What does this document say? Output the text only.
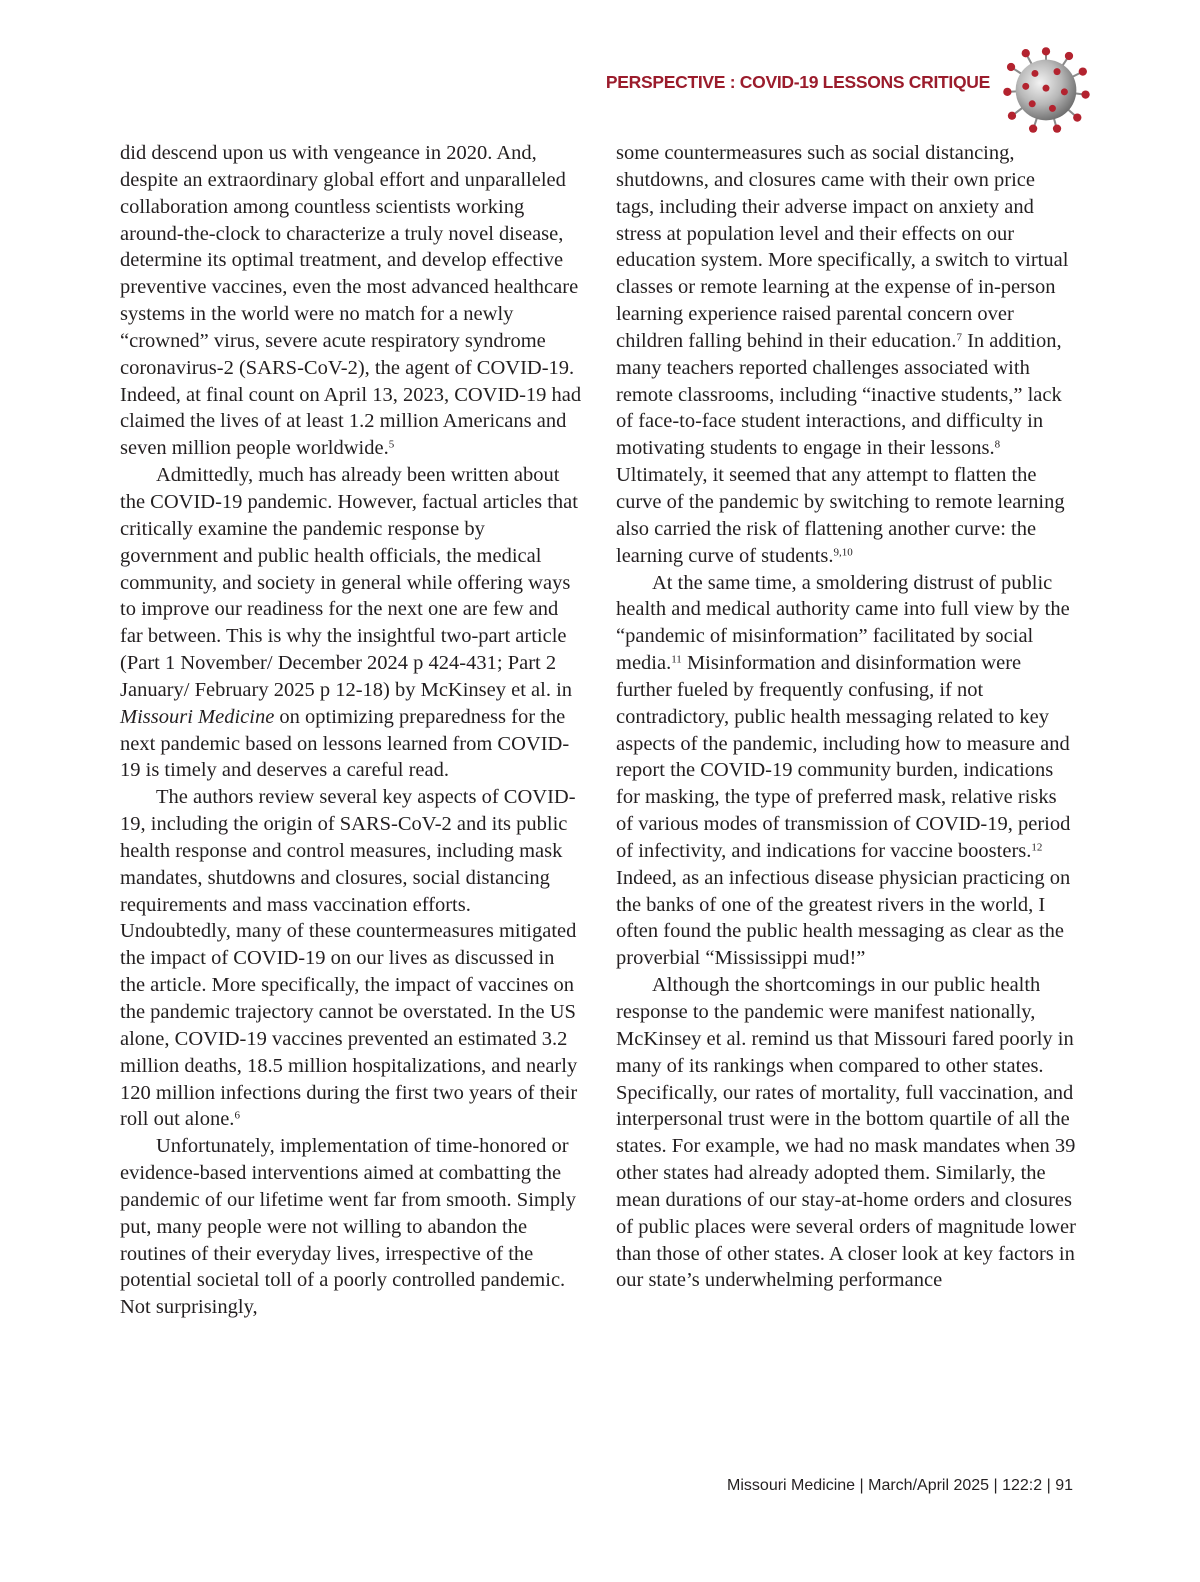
PERSPECTIVE : COVID-19 LESSONS CRITIQUE

did descend upon us with vengeance in 2020. And, despite an extraordinary global effort and unparalleled collaboration among countless scientists working around-the-clock to characterize a truly novel disease, determine its optimal treatment, and develop effective preventive vaccines, even the most advanced healthcare systems in the world were no match for a newly “crowned” virus, severe acute respiratory syndrome coronavirus-2 (SARS-CoV-2), the agent of COVID-19. Indeed, at final count on April 13, 2023, COVID-19 had claimed the lives of at least 1.2 million Americans and seven million people worldwide.$^5$

Admittedly, much has already been written about the COVID-19 pandemic. However, factual articles that critically examine the pandemic response by government and public health officials, the medical community, and society in general while offering ways to improve our readiness for the next one are few and far between. This is why the insightful two-part article (Part 1 November/ December 2024 p 424-431; Part 2 January/ February 2025 p 12-18) by McKinsey et al. in Missouri Medicine on optimizing preparedness for the next pandemic based on lessons learned from COVID-19 is timely and deserves a careful read.

The authors review several key aspects of COVID-19, including the origin of SARS-CoV-2 and its public health response and control measures, including mask mandates, shutdowns and closures, social distancing requirements and mass vaccination efforts. Undoubtedly, many of these countermeasures mitigated the impact of COVID-19 on our lives as discussed in the article. More specifically, the impact of vaccines on the pandemic trajectory cannot be overstated. In the US alone, COVID-19 vaccines prevented an estimated 3.2 million deaths, 18.5 million hospitalizations, and nearly 120 million infections during the first two years of their roll out alone.$^6$

Unfortunately, implementation of time-honored or evidence-based interventions aimed at combatting the pandemic of our lifetime went far from smooth. Simply put, many people were not willing to abandon the routines of their everyday lives, irrespective of the potential societal toll of a poorly controlled pandemic. Not surprisingly,

some countermeasures such as social distancing, shutdowns, and closures came with their own price tags, including their adverse impact on anxiety and stress at population level and their effects on our education system. More specifically, a switch to virtual classes or remote learning at the expense of in-person learning experience raised parental concern over children falling behind in their education.$^7$ In addition, many teachers reported challenges associated with remote classrooms, including “inactive students,” lack of face-to-face student interactions, and difficulty in motivating students to engage in their lessons.$^8$ Ultimately, it seemed that any attempt to flatten the curve of the pandemic by switching to remote learning also carried the risk of flattening another curve: the learning curve of students.$^{9,10}$

At the same time, a smoldering distrust of public health and medical authority came into full view by the “pandemic of misinformation” facilitated by social media.$^{11}$ Misinformation and disinformation were further fueled by frequently confusing, if not contradictory, public health messaging related to key aspects of the pandemic, including how to measure and report the COVID-19 community burden, indications for masking, the type of preferred mask, relative risks of various modes of transmission of COVID-19, period of infectivity, and indications for vaccine boosters.$^{12}$ Indeed, as an infectious disease physician practicing on the banks of one of the greatest rivers in the world, I often found the public health messaging as clear as the proverbial “Mississippi mud!”

Although the shortcomings in our public health response to the pandemic were manifest nationally, McKinsey et al. remind us that Missouri fared poorly in many of its rankings when compared to other states. Specifically, our rates of mortality, full vaccination, and interpersonal trust were in the bottom quartile of all the states. For example, we had no mask mandates when 39 other states had already adopted them. Similarly, the mean durations of our stay-at-home orders and closures of public places were several orders of magnitude lower than those of other states. A closer look at key factors in our state’s underwhelming performance

Missouri Medicine | March/April 2025 | 122:2 | 91
